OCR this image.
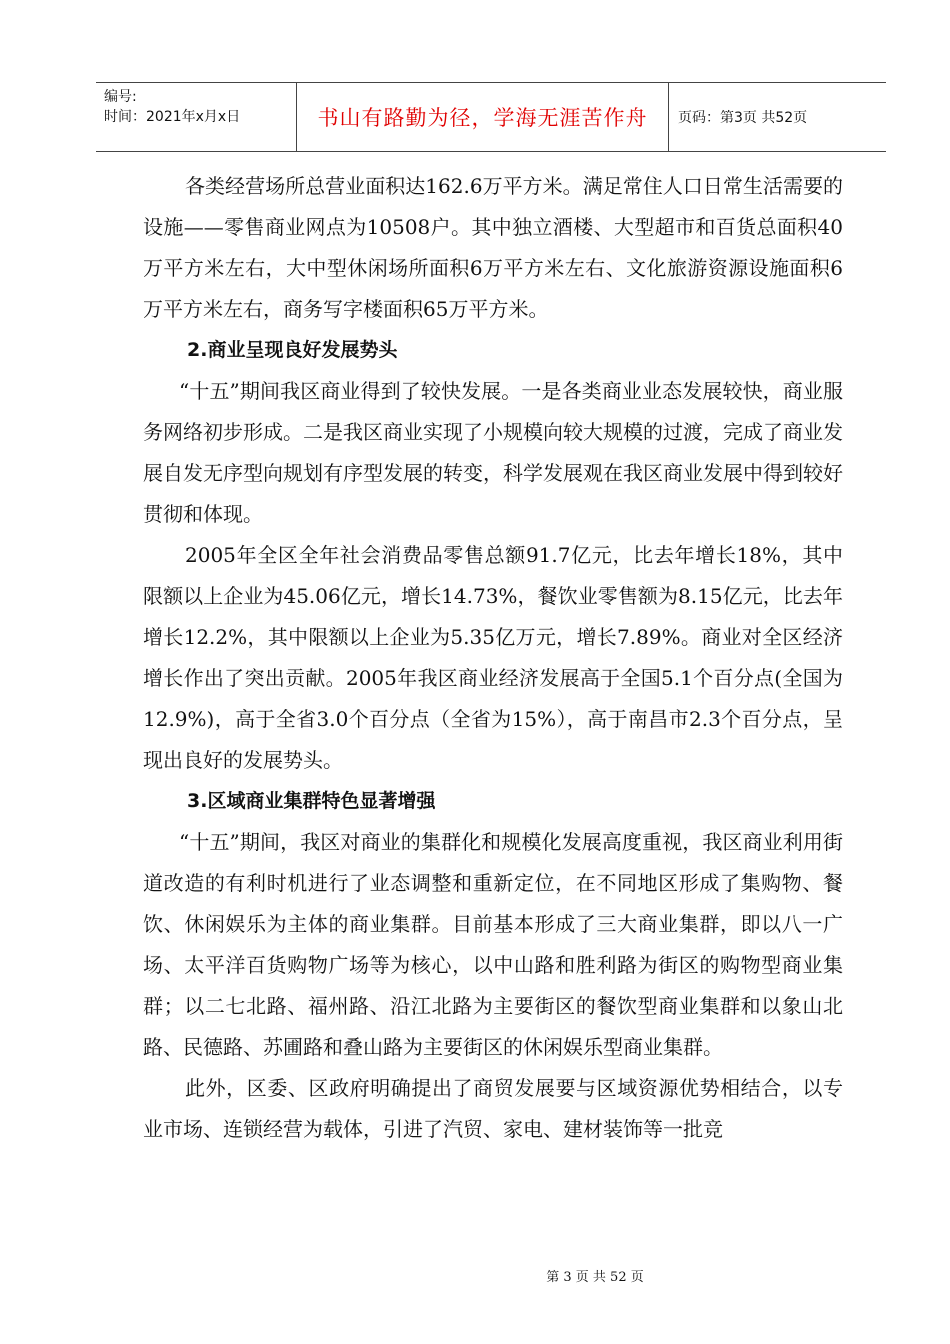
编号:
时间：2021年x月x日	书山有路勤为径，学海无涯苦作舟	页码：第3页 共52页

各类经营场所总营业面积达162.6万平方米。满足常住人口日常生活需要的设施——零售商业网点为10508户。其中独立酒楼、大型超市和百货总面积40万平方米左右，大中型休闲场所面积6万平方米左右、文化旅游资源设施面积6万平方米左右，商务写字楼面积65万平方米。

2.商业呈现良好发展势头

“十五”期间我区商业得到了较快发展。一是各类商业业态发展较快，商业服务网络初步形成。二是我区商业实现了小规模向较大规模的过渡，完成了商业发展自发无序型向规划有序型发展的转变，科学发展观在我区商业发展中得到较好贯彻和体现。

2005年全区全年社会消费品零售总额91.7亿元，比去年增长18%，其中限额以上企业为45.06亿元，增长14.73%，餐饮业零售额为8.15亿元，比去年增长12.2%，其中限额以上企业为5.35亿万元，增长7.89%。商业对全区经济增长作出了突出贡献。2005年我区商业经济发展高于全国5.1个百分点(全国为12.9%)，高于全省3.0个百分点（全省为15%），高于南昌市2.3个百分点，呈现出良好的发展势头。

3.区域商业集群特色显著增强

“十五”期间，我区对商业的集群化和规模化发展高度重视，我区商业利用街道改造的有利时机进行了业态调整和重新定位，在不同地区形成了集购物、餐饮、休闲娱乐为主体的商业集群。目前基本形成了三大商业集群，即以八一广场、太平洋百货购物广场等为核心，以中山路和胜利路为街区的购物型商业集群；以二七北路、福州路、沿江北路为主要街区的餐饮型商业集群和以象山北路、民德路、苏圃路和叠山路为主要街区的休闲娱乐型商业集群。

此外，区委、区政府明确提出了商贸发展要与区域资源优势相结合，以专业市场、连锁经营为载体，引进了汽贸、家电、建材装饰等一批竞

第 3 页 共 52 页
